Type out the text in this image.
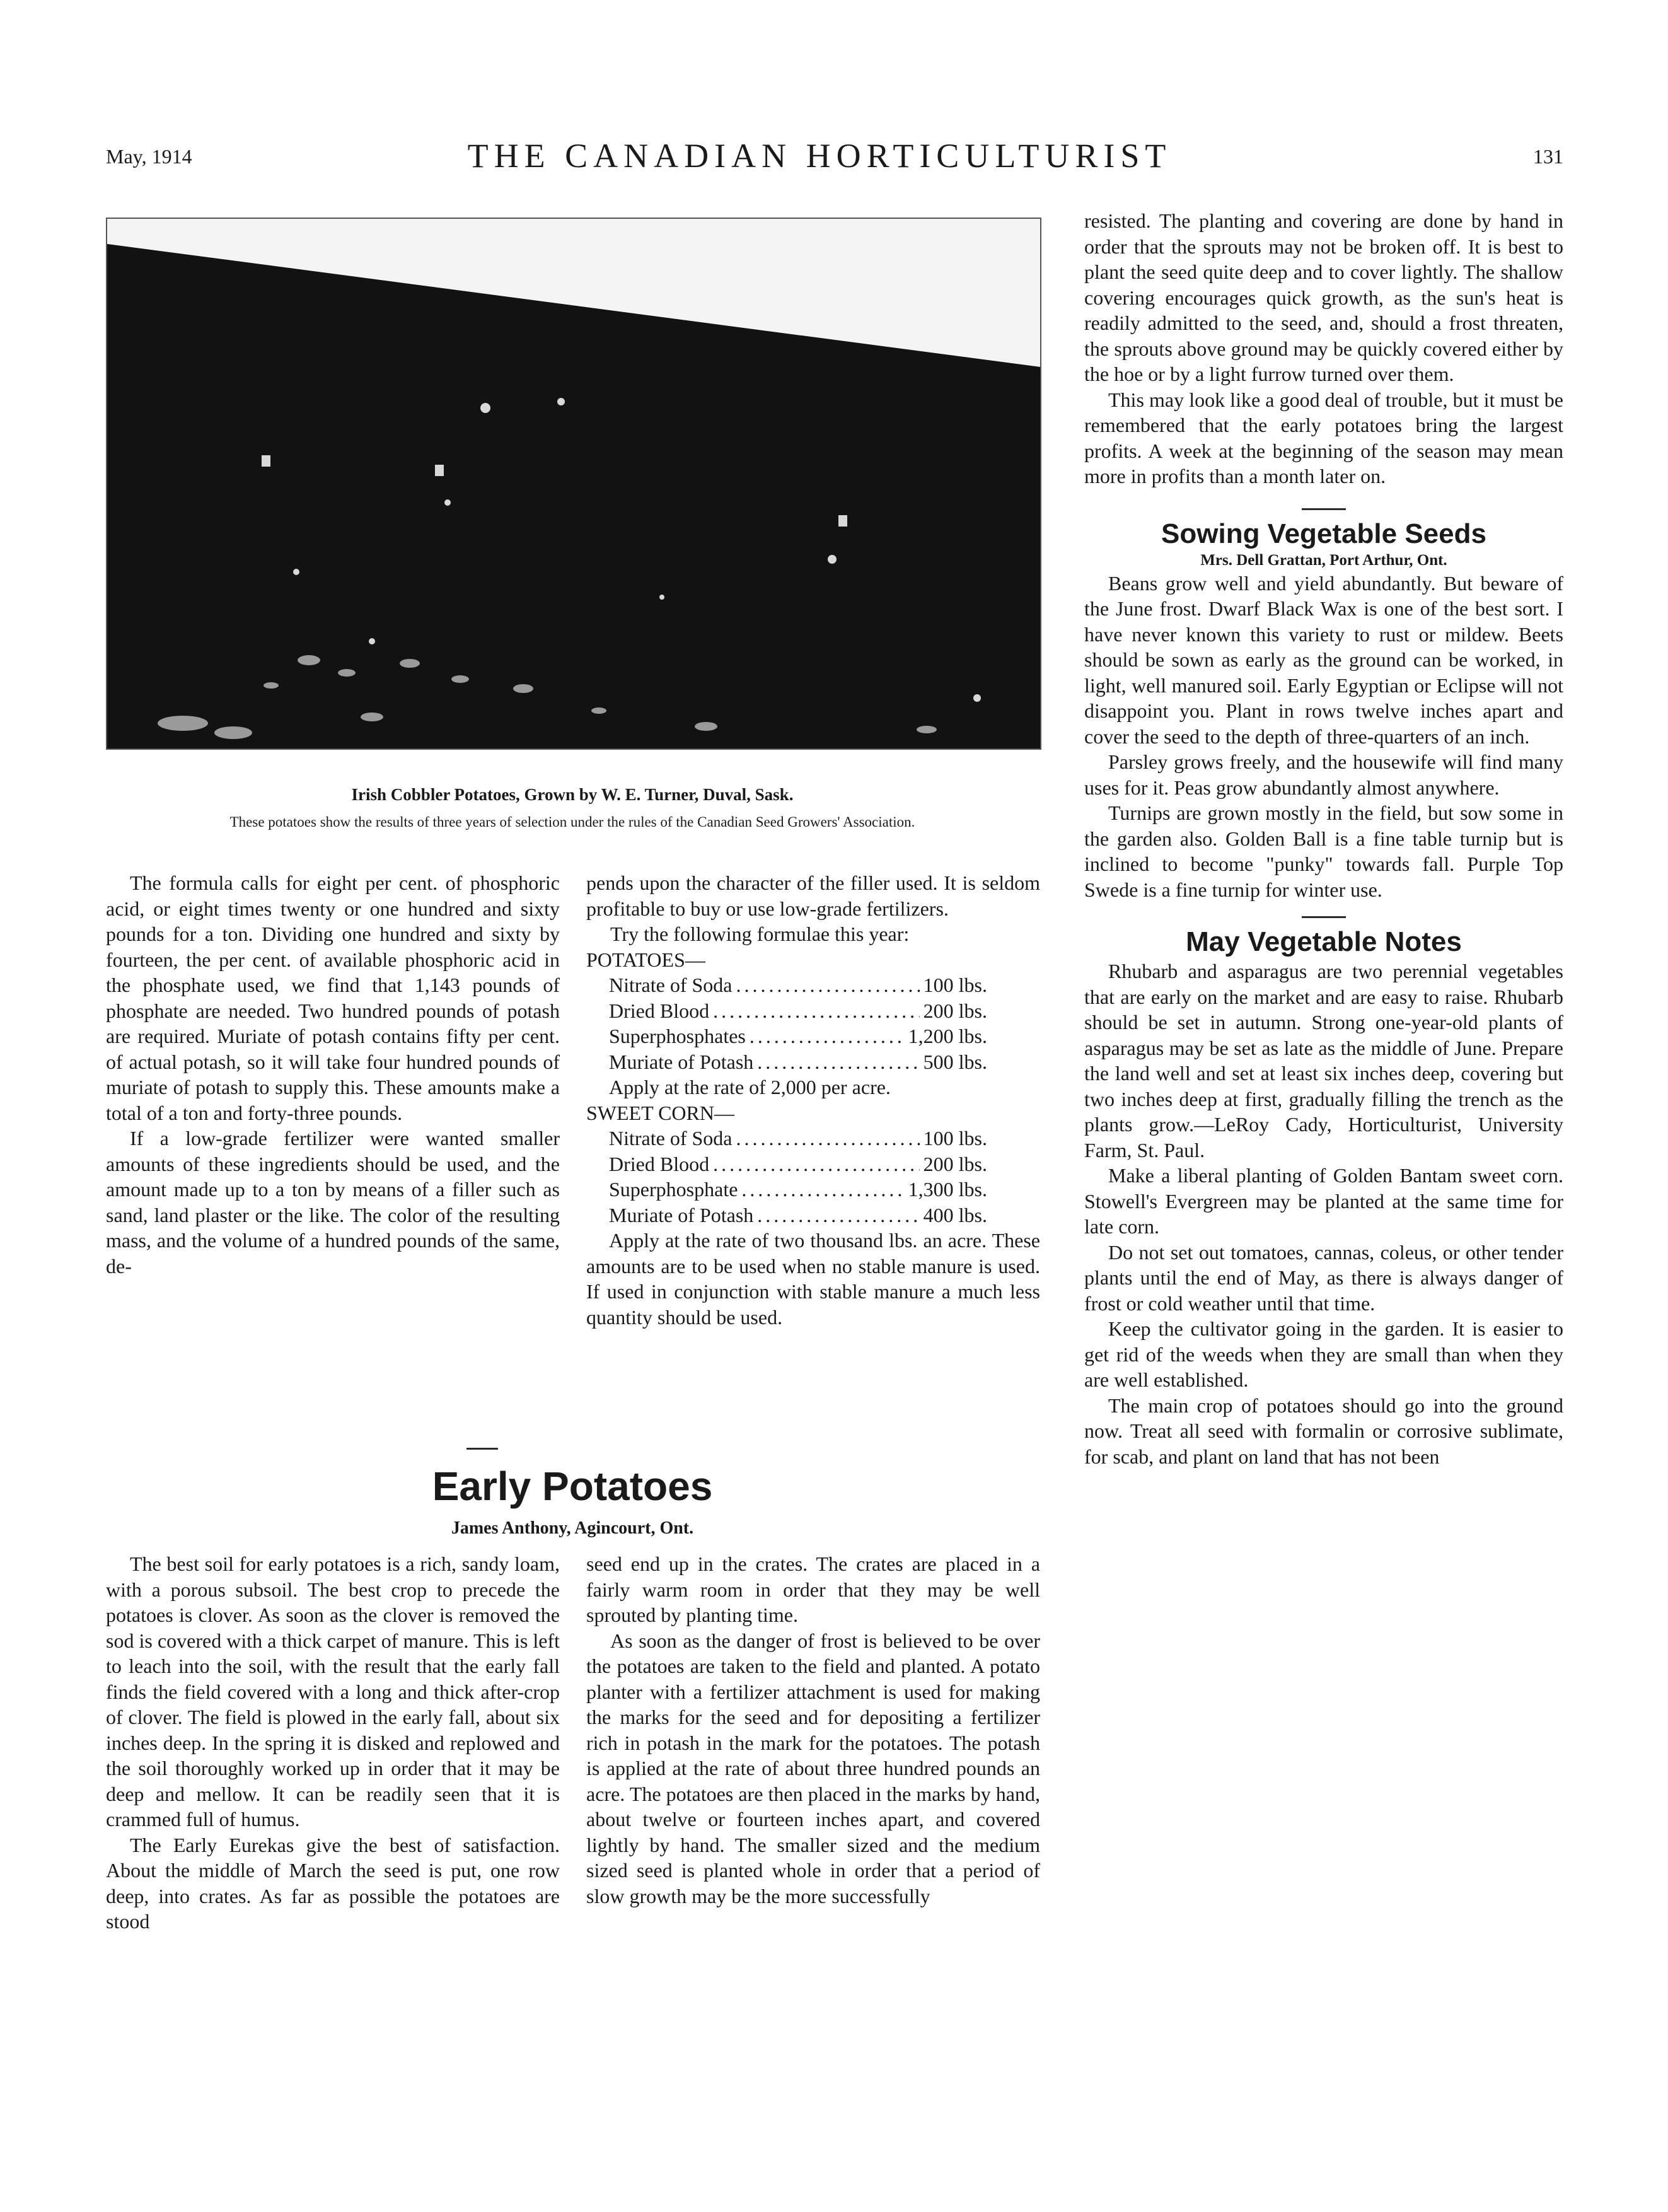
May, 1914	THE CANADIAN HORTICULTURIST	131
Irish Cobbler Potatoes, Grown by W. E. Turner, Duval, Sask.
These potatoes show the results of three years of selection under the rules of the Canadian Seed Growers' Association.

The formula calls for eight per cent. of phosphoric acid, or eight times twenty or one hundred and sixty pounds for a ton. Dividing one hundred and sixty by fourteen, the per cent. of available phosphoric acid in the phosphate used, we find that 1,143 pounds of phosphate are needed. Two hundred pounds of potash are required. Muriate of potash contains fifty per cent. of actual potash, so it will take four hundred pounds of muriate of potash to supply this. These amounts make a total of a ton and forty-three pounds.

If a low-grade fertilizer were wanted smaller amounts of these ingredients should be used, and the amount made up to a ton by means of a filler such as sand, land plaster or the like. The color of the resulting mass, and the volume of a hundred pounds of the same, de-

pends upon the character of the filler used. It is seldom profitable to buy or use low-grade fertilizers.

Try the following formulae this year:

POTATOES—
Nitrate of Soda .....	100 lbs.
Dried Blood .....	200 lbs.
Superphosphates .....	1,200 lbs.
Muriate of Potash .....	500 lbs.
Apply at the rate of 2,000 per acre.
SWEET CORN—
Nitrate of Soda .....	100 lbs.
Dried Blood .....	200 lbs.
Superphosphate .....	1,300 lbs.
Muriate of Potash .....	400 lbs.

Apply at the rate of two thousand lbs. an acre. These amounts are to be used when no stable manure is used. If used in conjunction with stable manure a much less quantity should be used.

Early Potatoes
James Anthony, Agincourt, Ont.

The best soil for early potatoes is a rich, sandy loam, with a porous subsoil. The best crop to precede the potatoes is clover. As soon as the clover is removed the sod is covered with a thick carpet of manure. This is left to leach into the soil, with the result that the early fall finds the field covered with a long and thick after-crop of clover. The field is plowed in the early fall, about six inches deep. In the spring it is disked and replowed and the soil thoroughly worked up in order that it may be deep and mellow. It can be readily seen that it is crammed full of humus.

The Early Eurekas give the best of satisfaction. About the middle of March the seed is put, one row deep, into crates. As far as possible the potatoes are stood

seed end up in the crates. The crates are placed in a fairly warm room in order that they may be well sprouted by planting time.

As soon as the danger of frost is believed to be over the potatoes are taken to the field and planted. A potato planter with a fertilizer attachment is used for making the marks for the seed and for depositing a fertilizer rich in potash in the mark for the potatoes. The potash is applied at the rate of about three hundred pounds an acre. The potatoes are then placed in the marks by hand, about twelve or fourteen inches apart, and covered lightly by hand. The smaller sized and the medium sized seed is planted whole in order that a period of slow growth may be the more successfully

resisted. The planting and covering are done by hand in order that the sprouts may not be broken off. It is best to plant the seed quite deep and to cover lightly. The shallow covering encourages quick growth, as the sun's heat is readily admitted to the seed, and, should a frost threaten, the sprouts above ground may be quickly covered either by the hoe or by a light furrow turned over them.

This may look like a good deal of trouble, but it must be remembered that the early potatoes bring the largest profits. A week at the beginning of the season may mean more in profits than a month later on.

Sowing Vegetable Seeds
Mrs. Dell Grattan, Port Arthur, Ont.

Beans grow well and yield abundantly. But beware of the June frost. Dwarf Black Wax is one of the best sort. I have never known this variety to rust or mildew. Beets should be sown as early as the ground can be worked, in light, well manured soil. Early Egyptian or Eclipse will not disappoint you. Plant in rows twelve inches apart and cover the seed to the depth of three-quarters of an inch.

Parsley grows freely, and the housewife will find many uses for it. Peas grow abundantly almost anywhere.

Turnips are grown mostly in the field, but sow some in the garden also. Golden Ball is a fine table turnip but is inclined to become "punky" towards fall. Purple Top Swede is a fine turnip for winter use.

May Vegetable Notes

Rhubarb and asparagus are two perennial vegetables that are early on the market and are easy to raise. Rhubarb should be set in autumn. Strong one-year-old plants of asparagus may be set as late as the middle of June. Prepare the land well and set at least six inches deep, covering but two inches deep at first, gradually filling the trench as the plants grow.—LeRoy Cady, Horticulturist, University Farm, St. Paul.

Make a liberal planting of Golden Bantam sweet corn. Stowell's Evergreen may be planted at the same time for late corn.

Do not set out tomatoes, cannas, coleus, or other tender plants until the end of May, as there is always danger of frost or cold weather until that time.

Keep the cultivator going in the garden. It is easier to get rid of the weeds when they are small than when they are well established.

The main crop of potatoes should go into the ground now. Treat all seed with formalin or corrosive sublimate, for scab, and plant on land that has not been
